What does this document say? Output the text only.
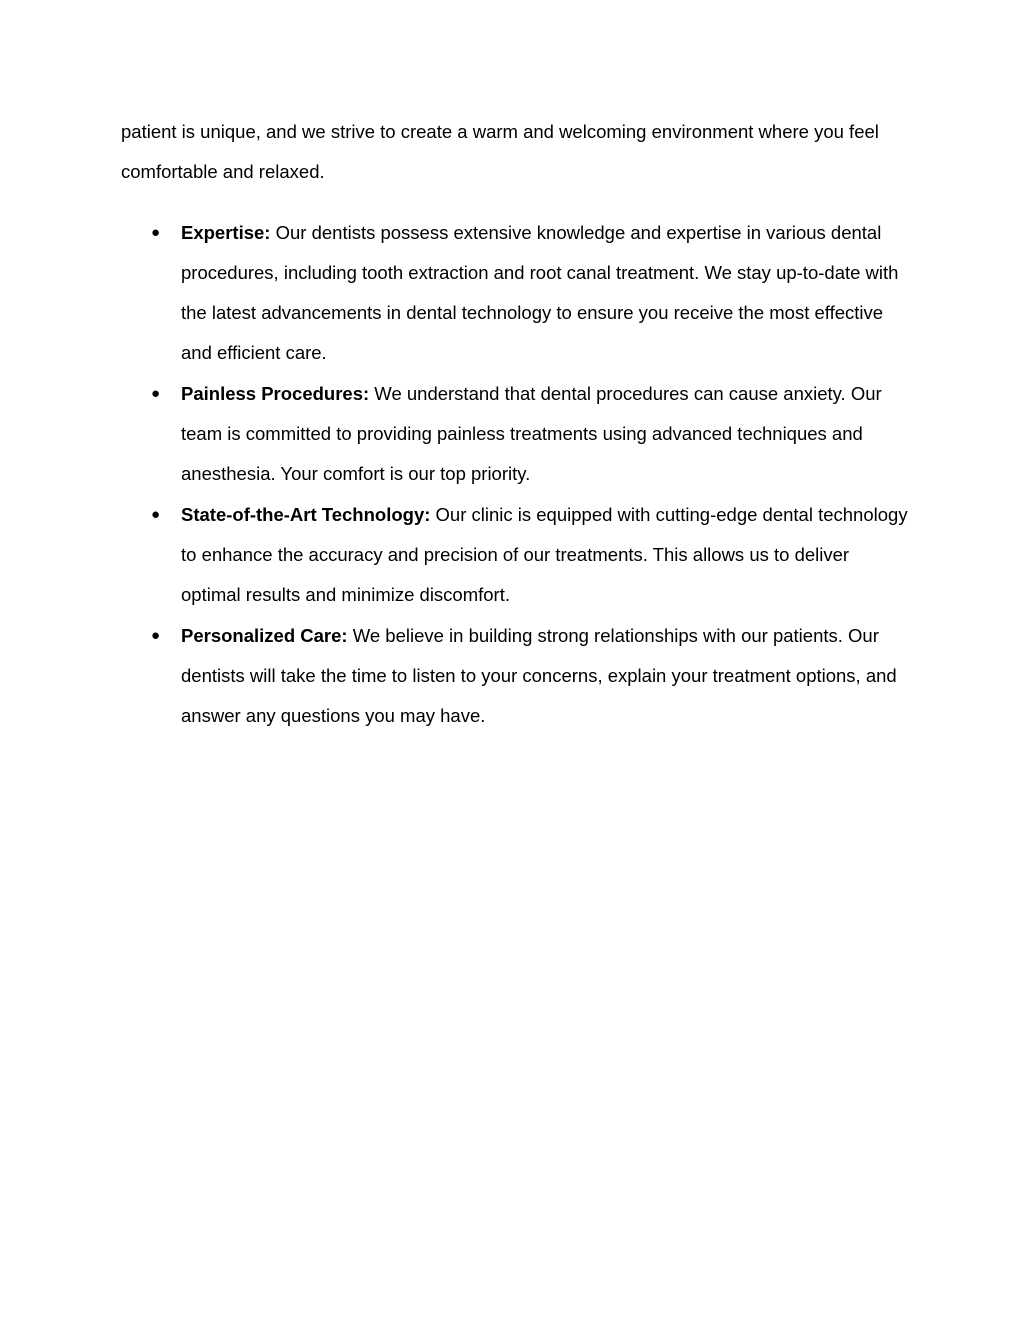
patient is unique, and we strive to create a warm and welcoming environment where you feel comfortable and relaxed.

● Expertise: Our dentists possess extensive knowledge and expertise in various dental procedures, including tooth extraction and root canal treatment. We stay up-to-date with the latest advancements in dental technology to ensure you receive the most effective and efficient care.
● Painless Procedures: We understand that dental procedures can cause anxiety. Our team is committed to providing painless treatments using advanced techniques and anesthesia. Your comfort is our top priority.
● State-of-the-Art Technology: Our clinic is equipped with cutting-edge dental technology to enhance the accuracy and precision of our treatments. This allows us to deliver optimal results and minimize discomfort.
● Personalized Care: We believe in building strong relationships with our patients. Our dentists will take the time to listen to your concerns, explain your treatment options, and answer any questions you may have.
